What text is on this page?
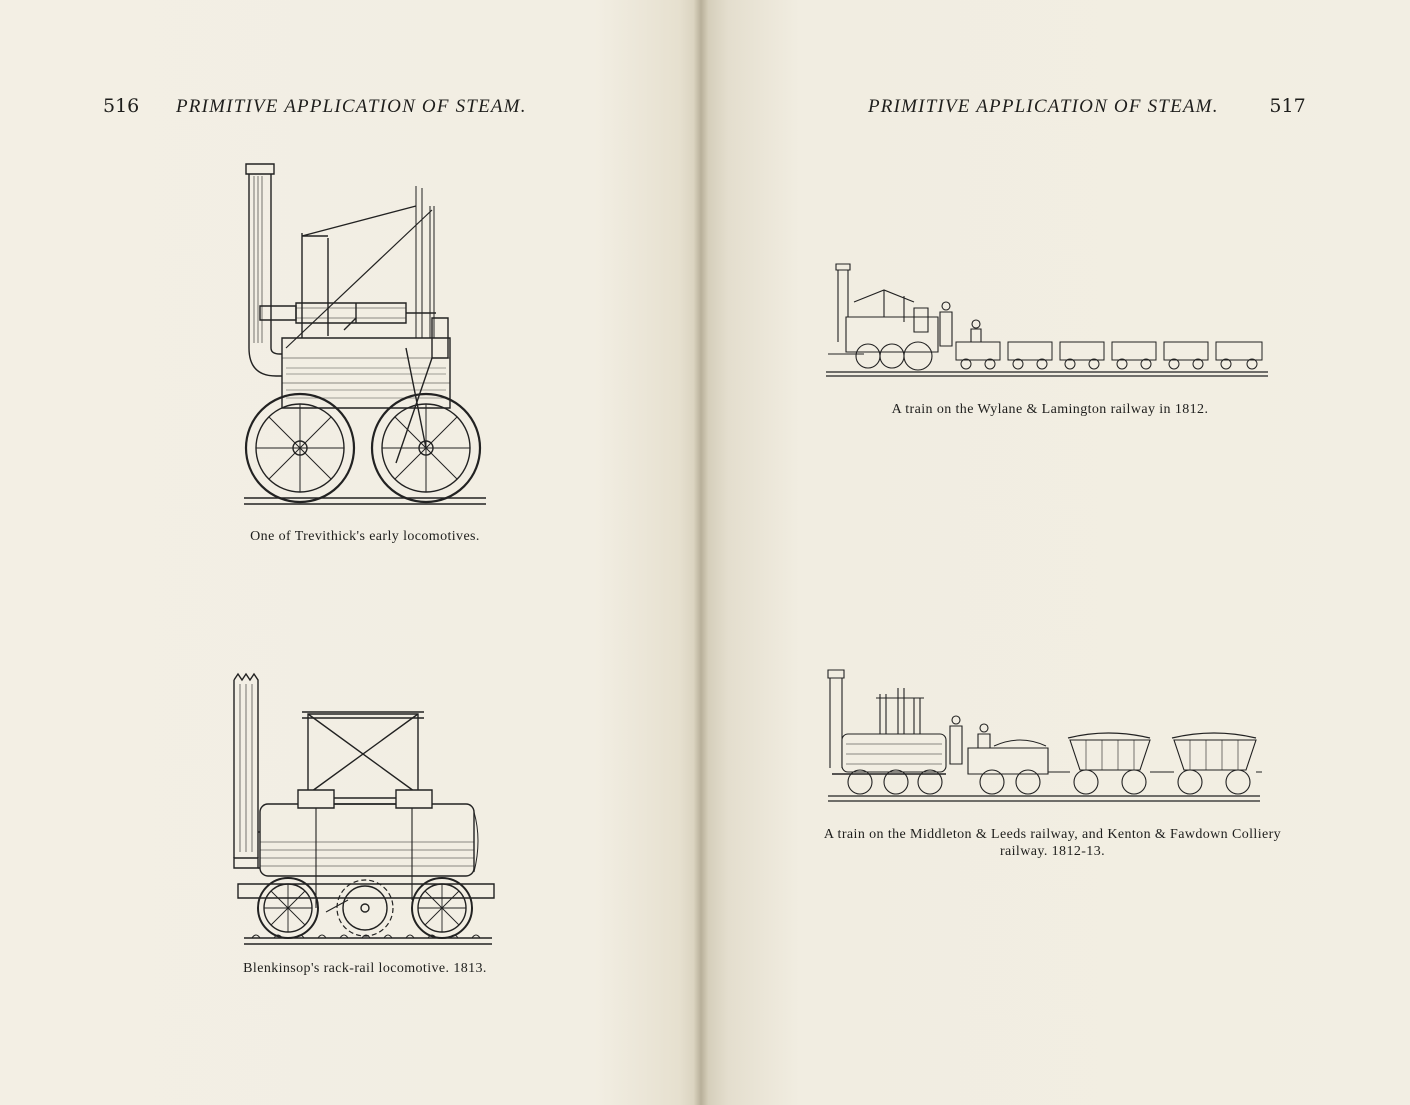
516 PRIMITIVE APPLICATION OF STEAM.	PRIMITIVE APPLICATION OF STEAM.	517
One of Trevithick's early locomotives.
Blenkinsop's rack-rail locomotive. 1813.
A train on the Wylane & Lamington railway in 1812.
A train on the Middleton & Leeds railway, and Kenton & Fawdown Colliery
railway. 1812-13.
